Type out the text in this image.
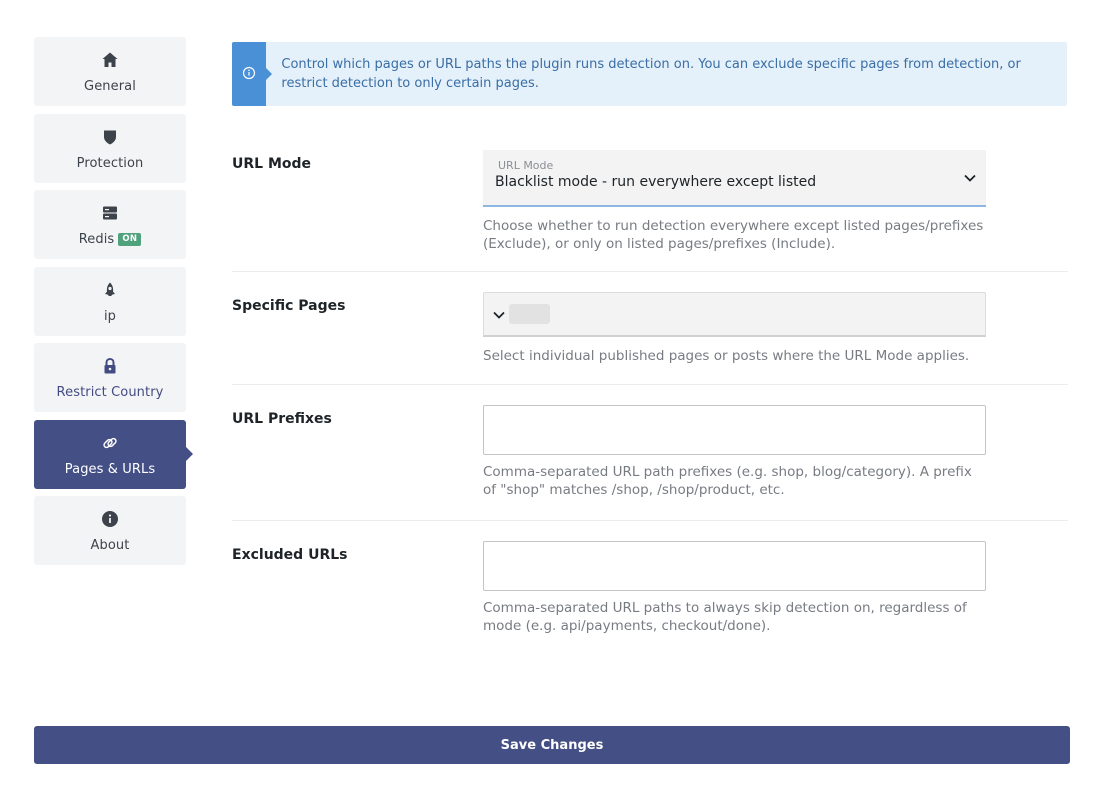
General
Protection
Redis ON
ip
Restrict Country
Pages & URLs
About
Control which pages or URL paths the plugin runs detection on. You can exclude specific pages from detection, or restrict detection to only certain pages.
URL Mode	URL Mode
Blacklist mode - run everywhere except listed
Choose whether to run detection everywhere except listed pages/prefixes (Exclude), or only on listed pages/prefixes (Include).
Specific Pages
Select individual published pages or posts where the URL Mode applies.
URL Prefixes
Comma-separated URL path prefixes (e.g. shop, blog/category). A prefix of "shop" matches /shop, /shop/product, etc.
Excluded URLs
Comma-separated URL paths to always skip detection on, regardless of mode (e.g. api/payments, checkout/done).
Save Changes
